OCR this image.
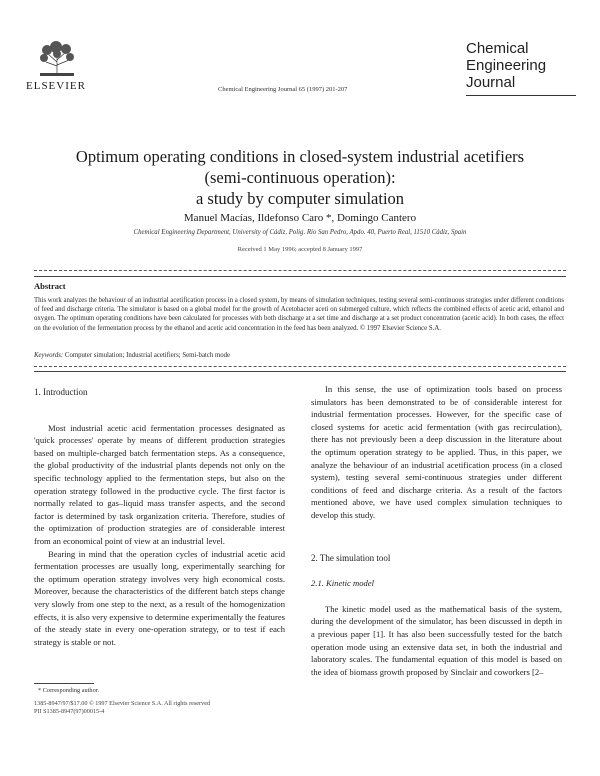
ELSEVIER	Chemical Engineering Journal 65 (1997) 201-207
Chemical
Engineering
Journal
Optimum operating conditions in closed-system industrial acetifiers
(semi-continuous operation):
a study by computer simulation
Manuel Macías, Ildefonso Caro *, Domingo Cantero
Chemical Engineering Department, University of Cádiz, Polig. Río San Pedro, Apdo. 40, Puerto Real, 11510 Cádiz, Spain
Received 1 May 1996; accepted 8 January 1997
Abstract
This work analyzes the behaviour of an industrial acetification process in a closed system, by means of simulation techniques, testing several semi-continuous strategies under different conditions of feed and discharge criteria. The simulator is based on a global model for the growth of Acetobacter aceti on submerged culture, which reflects the combined effects of acetic acid, ethanol and oxygen. The optimum operating conditions have been calculated for processes with both discharge at a set time and discharge at a set product concentration (acetic acid). In both cases, the effect on the evolution of the fermentation process by the ethanol and acetic acid concentration in the feed has been analyzed. © 1997 Elsevier Science S.A.
Keywords: Computer simulation; Industrial acetifiers; Semi-batch mode
1. Introduction

Most industrial acetic acid fermentation processes designated as 'quick processes' operate by means of different production strategies based on multiple-charged batch fermentation steps. As a consequence, the global productivity of the industrial plants depends not only on the specific technology applied to the fermentation steps, but also on the operation strategy followed in the productive cycle. The first factor is normally related to gas–liquid mass transfer aspects, and the second factor is determined by task organization criteria. Therefore, studies of the optimization of production strategies are of considerable interest from an economical point of view at an industrial level.

Bearing in mind that the operation cycles of industrial acetic acid fermentation processes are usually long, experimentally searching for the optimum operation strategy involves very high economical costs. Moreover, because the characteristics of the different batch steps change very slowly from one step to the next, as a result of the homogenization effects, it is also very expensive to determine experimentally the features of the steady state in every one-operation strategy, or to test if each strategy is stable or not.

* Corresponding author.
1385-8947/97/$17.00 © 1997 Elsevier Science S.A. All rights reserved
PII S1385-8947(97)00015-4

In this sense, the use of optimization tools based on process simulators has been demonstrated to be of considerable interest for industrial fermentation processes. However, for the specific case of closed systems for acetic acid fermentation (with gas recirculation), there has not previously been a deep discussion in the literature about the optimum operation strategy to be applied. Thus, in this paper, we analyze the behaviour of an industrial acetification process (in a closed system), testing several semi-continuous strategies under different conditions of feed and discharge criteria. As a result of the factors mentioned above, we have used complex simulation techniques to develop this study.

2. The simulation tool
2.1. Kinetic model

The kinetic model used as the mathematical basis of the system, during the development of the simulator, has been discussed in depth in a previous paper [1]. It has also been successfully tested for the batch operation mode using an extensive data set, in both the industrial and laboratory scales. The fundamental equation of this model is based on the idea of biomass growth proposed by Sinclair and coworkers [2–
